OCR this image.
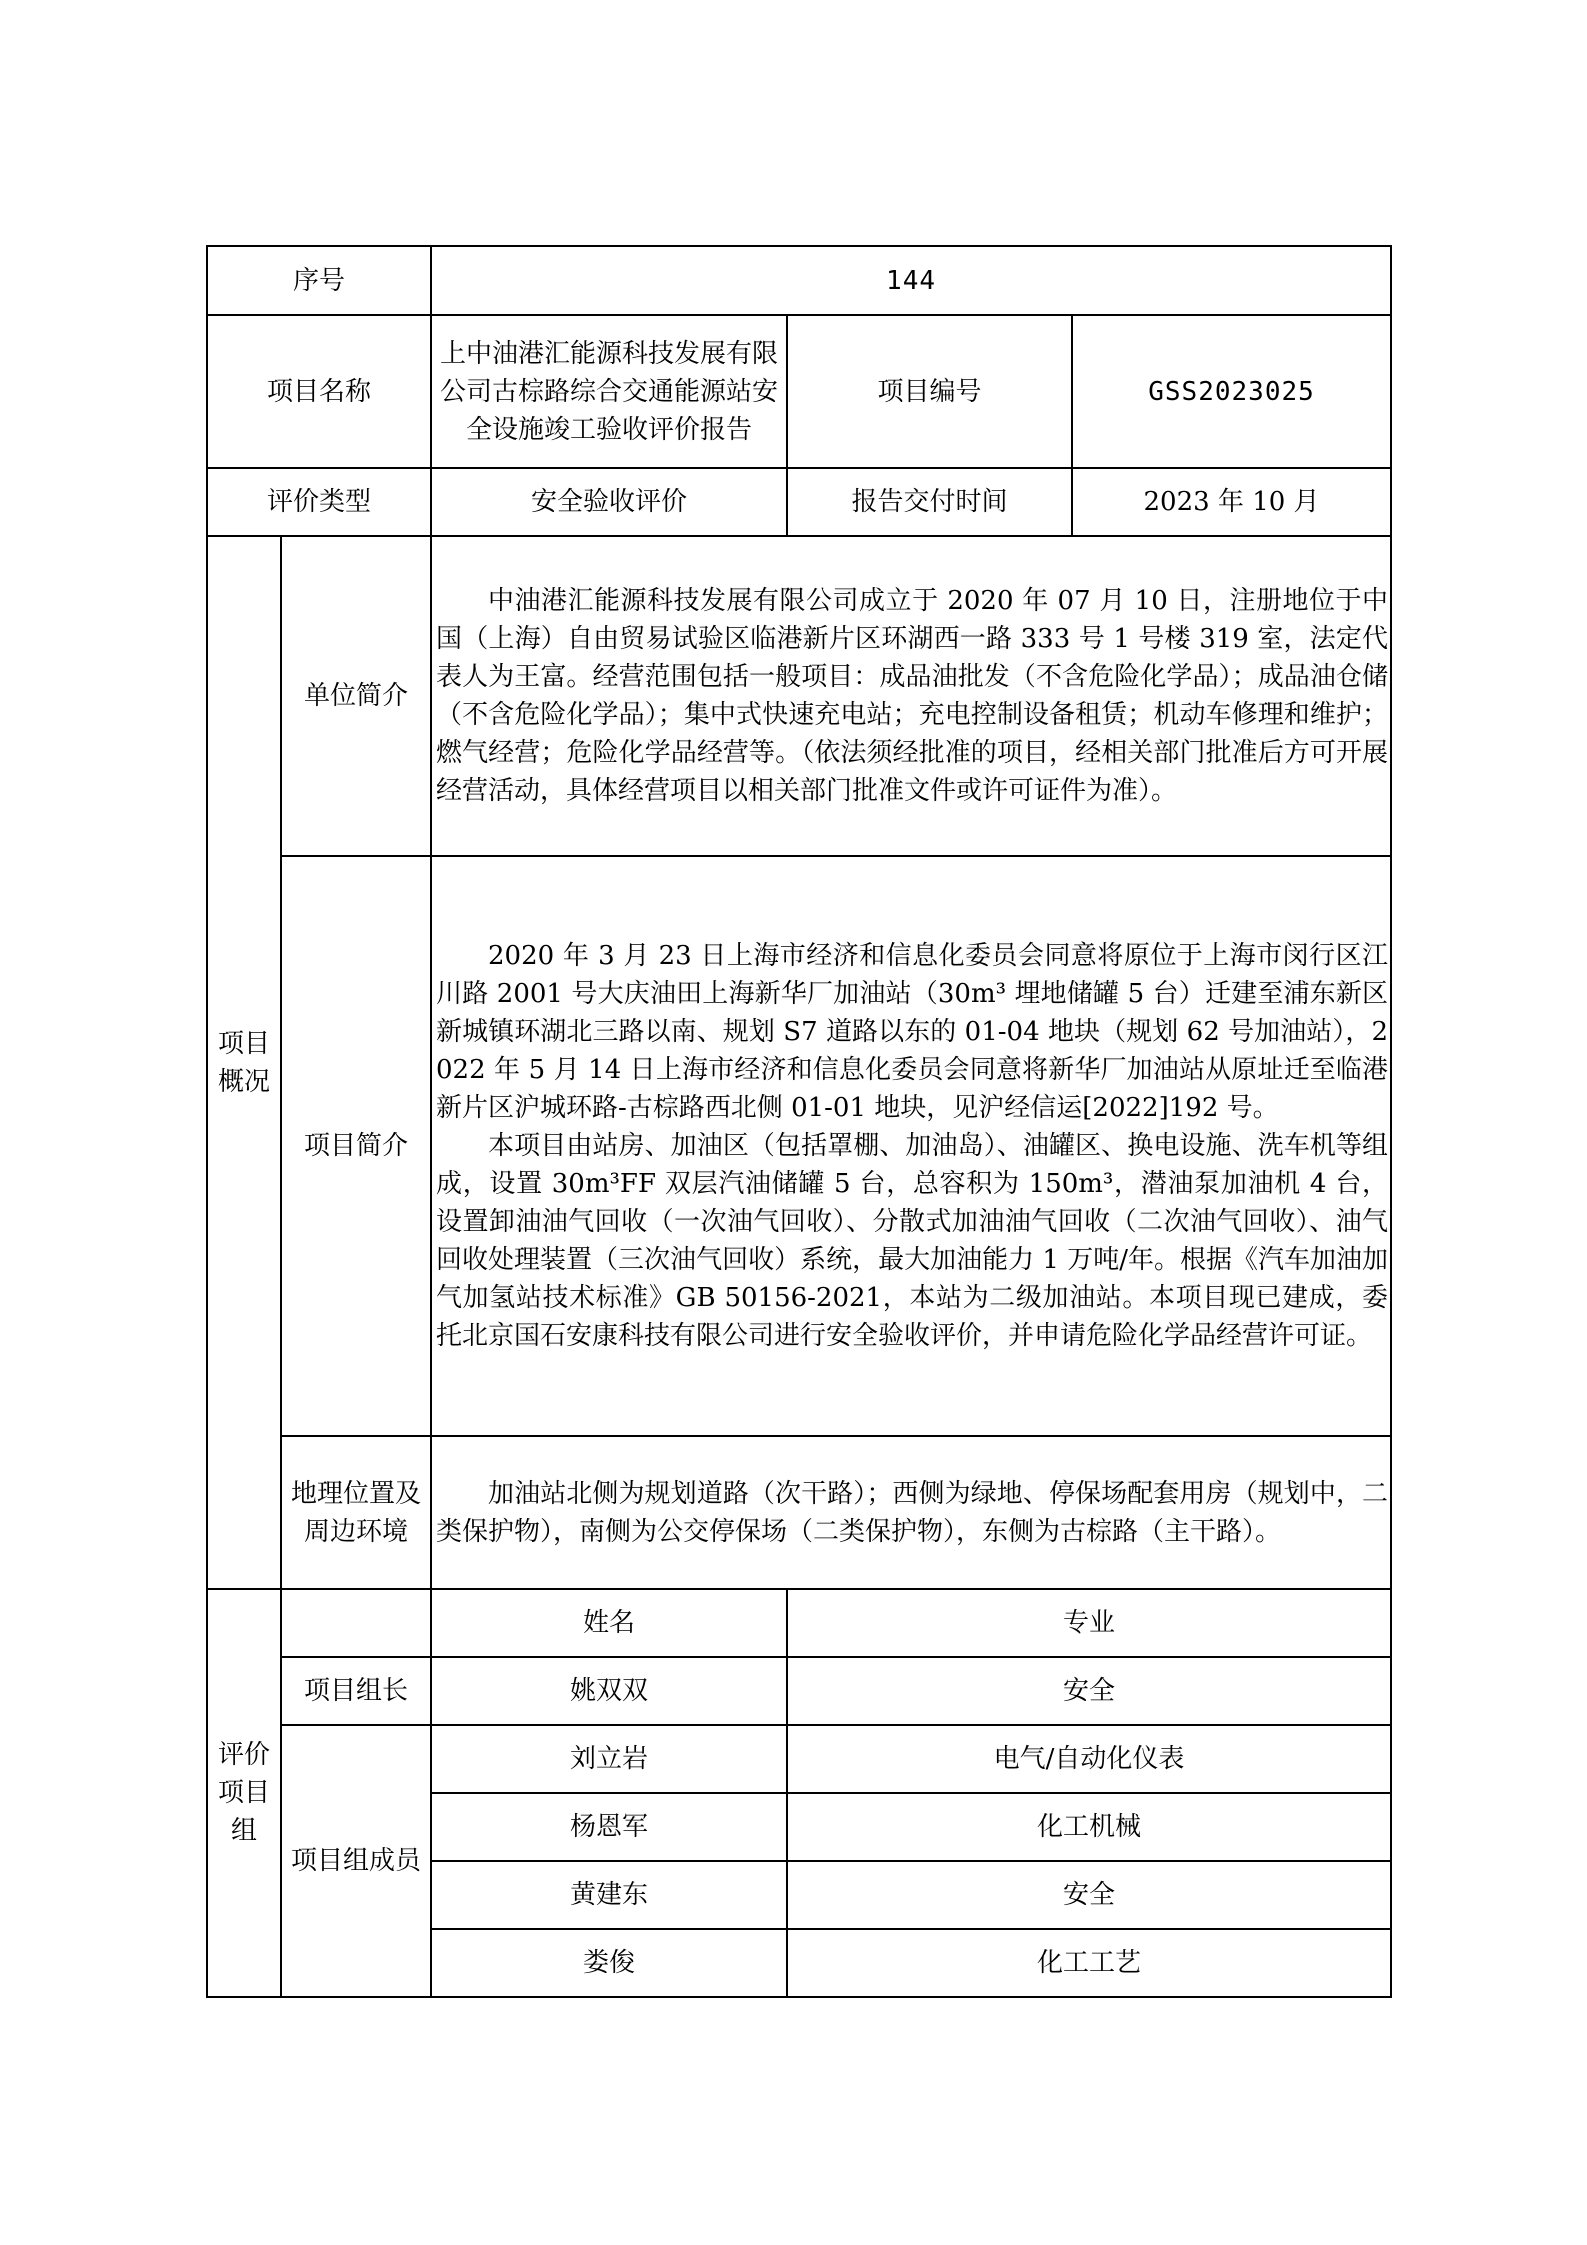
序号		144		
项目名称		上中油港汇能源科技发展有限公司古棕路综合交通能源站安全设施竣工验收评价报告	项目编号	GSS2023025
评价类型		安全验收评价	报告交付时间	2023 年 10 月
项目概况	单位简介	中油港汇能源科技发展有限公司成立于 2020 年 07 月 10 日，注册地位于中国（上海）自由贸易试验区临港新片区环湖西一路 333 号 1 号楼 319 室，法定代表人为王富。经营范围包括一般项目：成品油批发（不含危险化学品）；成品油仓储（不含危险化学品）；集中式快速充电站；充电控制设备租赁；机动车修理和维护；燃气经营；危险化学品经营等。（依法须经批准的项目，经相关部门批准后方可开展经营活动，具体经营项目以相关部门批准文件或许可证件为准）。		

	项目简介	2020 年 3 月 23 日上海市经济和信息化委员会同意将原位于上海市闵行区江川路 2001 号大庆油田上海新华厂加油站（30m³ 埋地储罐 5 台）迁建至浦东新区新城镇环湖北三路以南、规划 S7 道路以东的 01-04 地块（规划 62 号加油站），2022 年 5 月 14 日上海市经济和信息化委员会同意将新华厂加油站从原址迁至临港新片区沪城环路-古棕路西北侧 01-01 地块，见沪经信运[2022]192 号。

本项目由站房、加油区（包括罩棚、加油岛）、油罐区、换电设施、洗车机等组成，设置 30m³FF 双层汽油储罐 5 台，总容积为 150m³，潜油泵加油机 4 台，设置卸油油气回收（一次油气回收）、分散式加油油气回收（二次油气回收）、油气回收处理装置（三次油气回收）系统，最大加油能力 1 万吨/年。根据《汽车加油加气加氢站技术标准》GB 50156-2021，本站为二级加油站。本项目现已建成，委托北京国石安康科技有限公司进行安全验收评价，并申请危险化学品经营许可证。		

	地理位置及周边环境	加油站北侧为规划道路（次干路）；西侧为绿地、停保场配套用房（规划中，二类保护物），南侧为公交停保场（二类保护物），东侧为古棕路（主干路）。		

评价项目组		姓名	专业	
	项目组长	姚双双	安全	
	项目组成员	刘立岩	电气/自动化仪表	
		杨恩军	化工机械	
		黄建东	安全	
		娄俊	化工工艺	
